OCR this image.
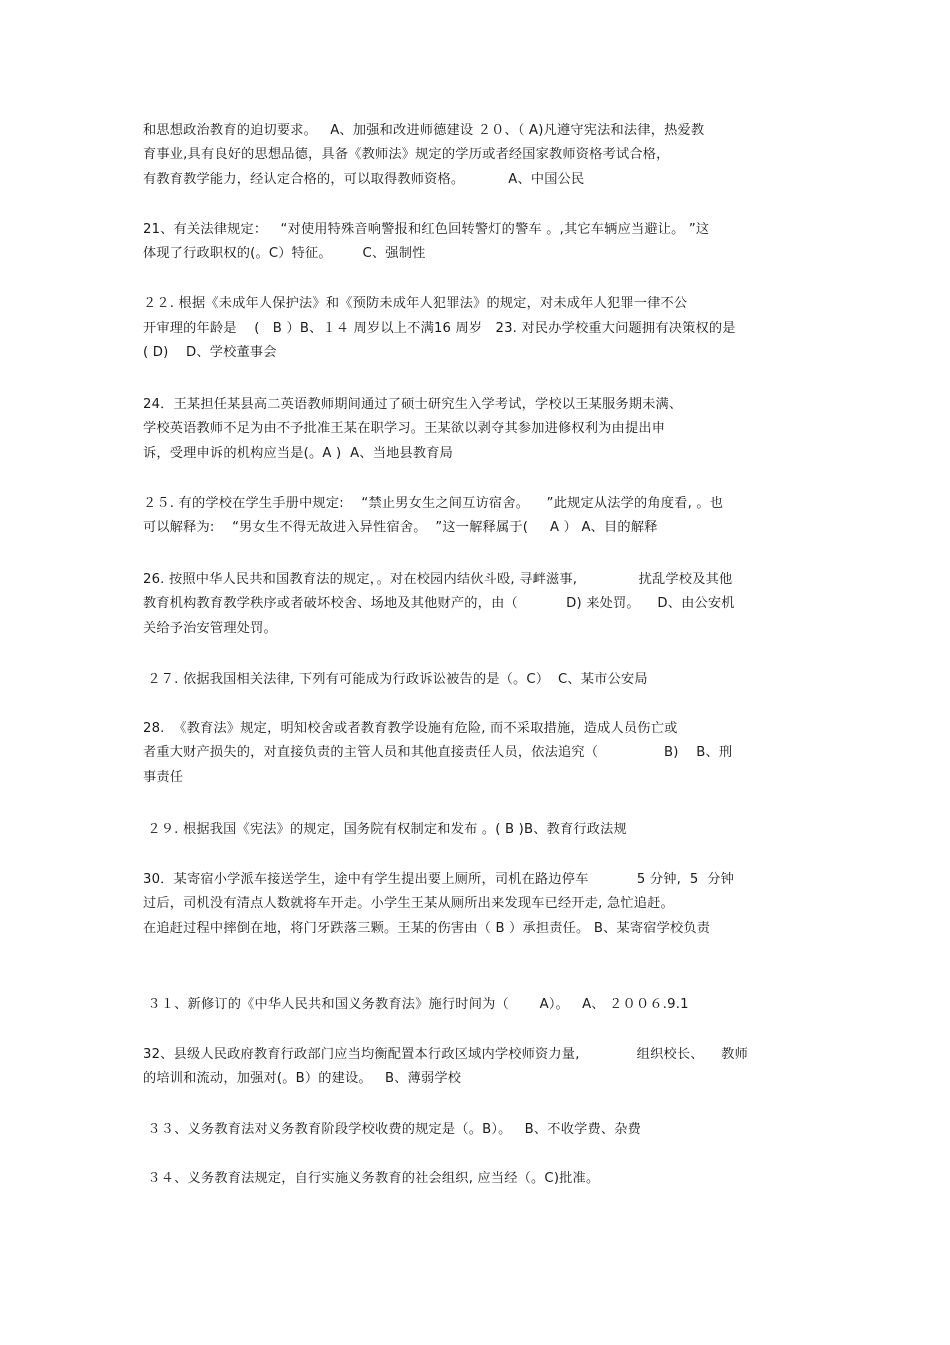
和思想政治教育的迫切要求。   A、加强和改进师德建设 ２０、（ A)凡遵守宪法和法律，热爱教
育事业,具有良好的思想品德，具备《教师法》规定的学历或者经国家教师资格考试合格，
有教育教学能力，经认定合格的，可以取得教师资格。          A、中国公民
21、有关法律规定：   “对使用特殊音响警报和红色回转警灯的警车 。,其它车辆应当避让。 ”这
体现了行政职权的(。C）特征。       C、强制性
２２. 根据《未成年人保护法》和《预防未成年人犯罪法》的规定，对未成年人犯罪一律不公
开审理的年龄是    (   B ）B、１４ 周岁以上不满16 周岁   23. 对民办学校重大问题拥有决策权的是
( D)    D、学校董事会
24．王某担任某县高二英语教师期间通过了硕士研究生入学考试，学校以王某服务期未满、
学校英语教师不足为由不予批准王某在职学习。王某欲以剥夺其参加进修权利为由提出申
诉，受理申诉的机构应当是(。A )  A、当地县教育局
２５. 有的学校在学生手册中规定:    “禁止男女生之间互访宿舍。    ”此规定从法学的角度看, 。也
可以解释为:    “男女生不得无故进入异性宿舍。  ”这一解释属于(     A ） A、目的解释
26. 按照中华人民共和国教育法的规定，。对在校园内结伙斗殴, 寻衅滋事,              扰乱学校及其他
教育机构教育教学秩序或者破坏校舍、场地及其他财产的，由（           D) 来处罚。    D、由公安机
关给予治安管理处罚。
２７. 依据我国相关法律, 下列有可能成为行政诉讼被告的是（。C）  C、某市公安局
28.  《教育法》规定，明知校舍或者教育教学设施有危险, 而不采取措施，造成人员伤亡或
者重大财产损失的，对直接负责的主管人员和其他直接责任人员，依法追究（               B)    B、刑
事责任
２９. 根据我国《宪法》的规定，国务院有权制定和发布 。( B )B、教育行政法规
30．某寄宿小学派车接送学生，途中有学生提出要上厕所，司机在路边停车           5 分钟,  5  分钟
过后，司机没有清点人数就将车开走。小学生王某从厕所出来发现车已经开走, 急忙追赶。
在追赶过程中摔倒在地，将门牙跌落三颗。王某的伤害由（ B ）承担责任。 B、某寄宿学校负责
３１、新修订的《中华人民共和国义务教育法》施行时间为（       A）。   A、 ２００６.9.1
32、县级人民政府教育行政部门应当均衡配置本行政区域内学校师资力量,             组织校长、    教师
的培训和流动，加强对(。B）的建设。   B、薄弱学校
３３、义务教育法对义务教育阶段学校收费的规定是（。B）。   B、不收学费、杂费
３４、义务教育法规定，自行实施义务教育的社会组织, 应当经（。C)批准。
